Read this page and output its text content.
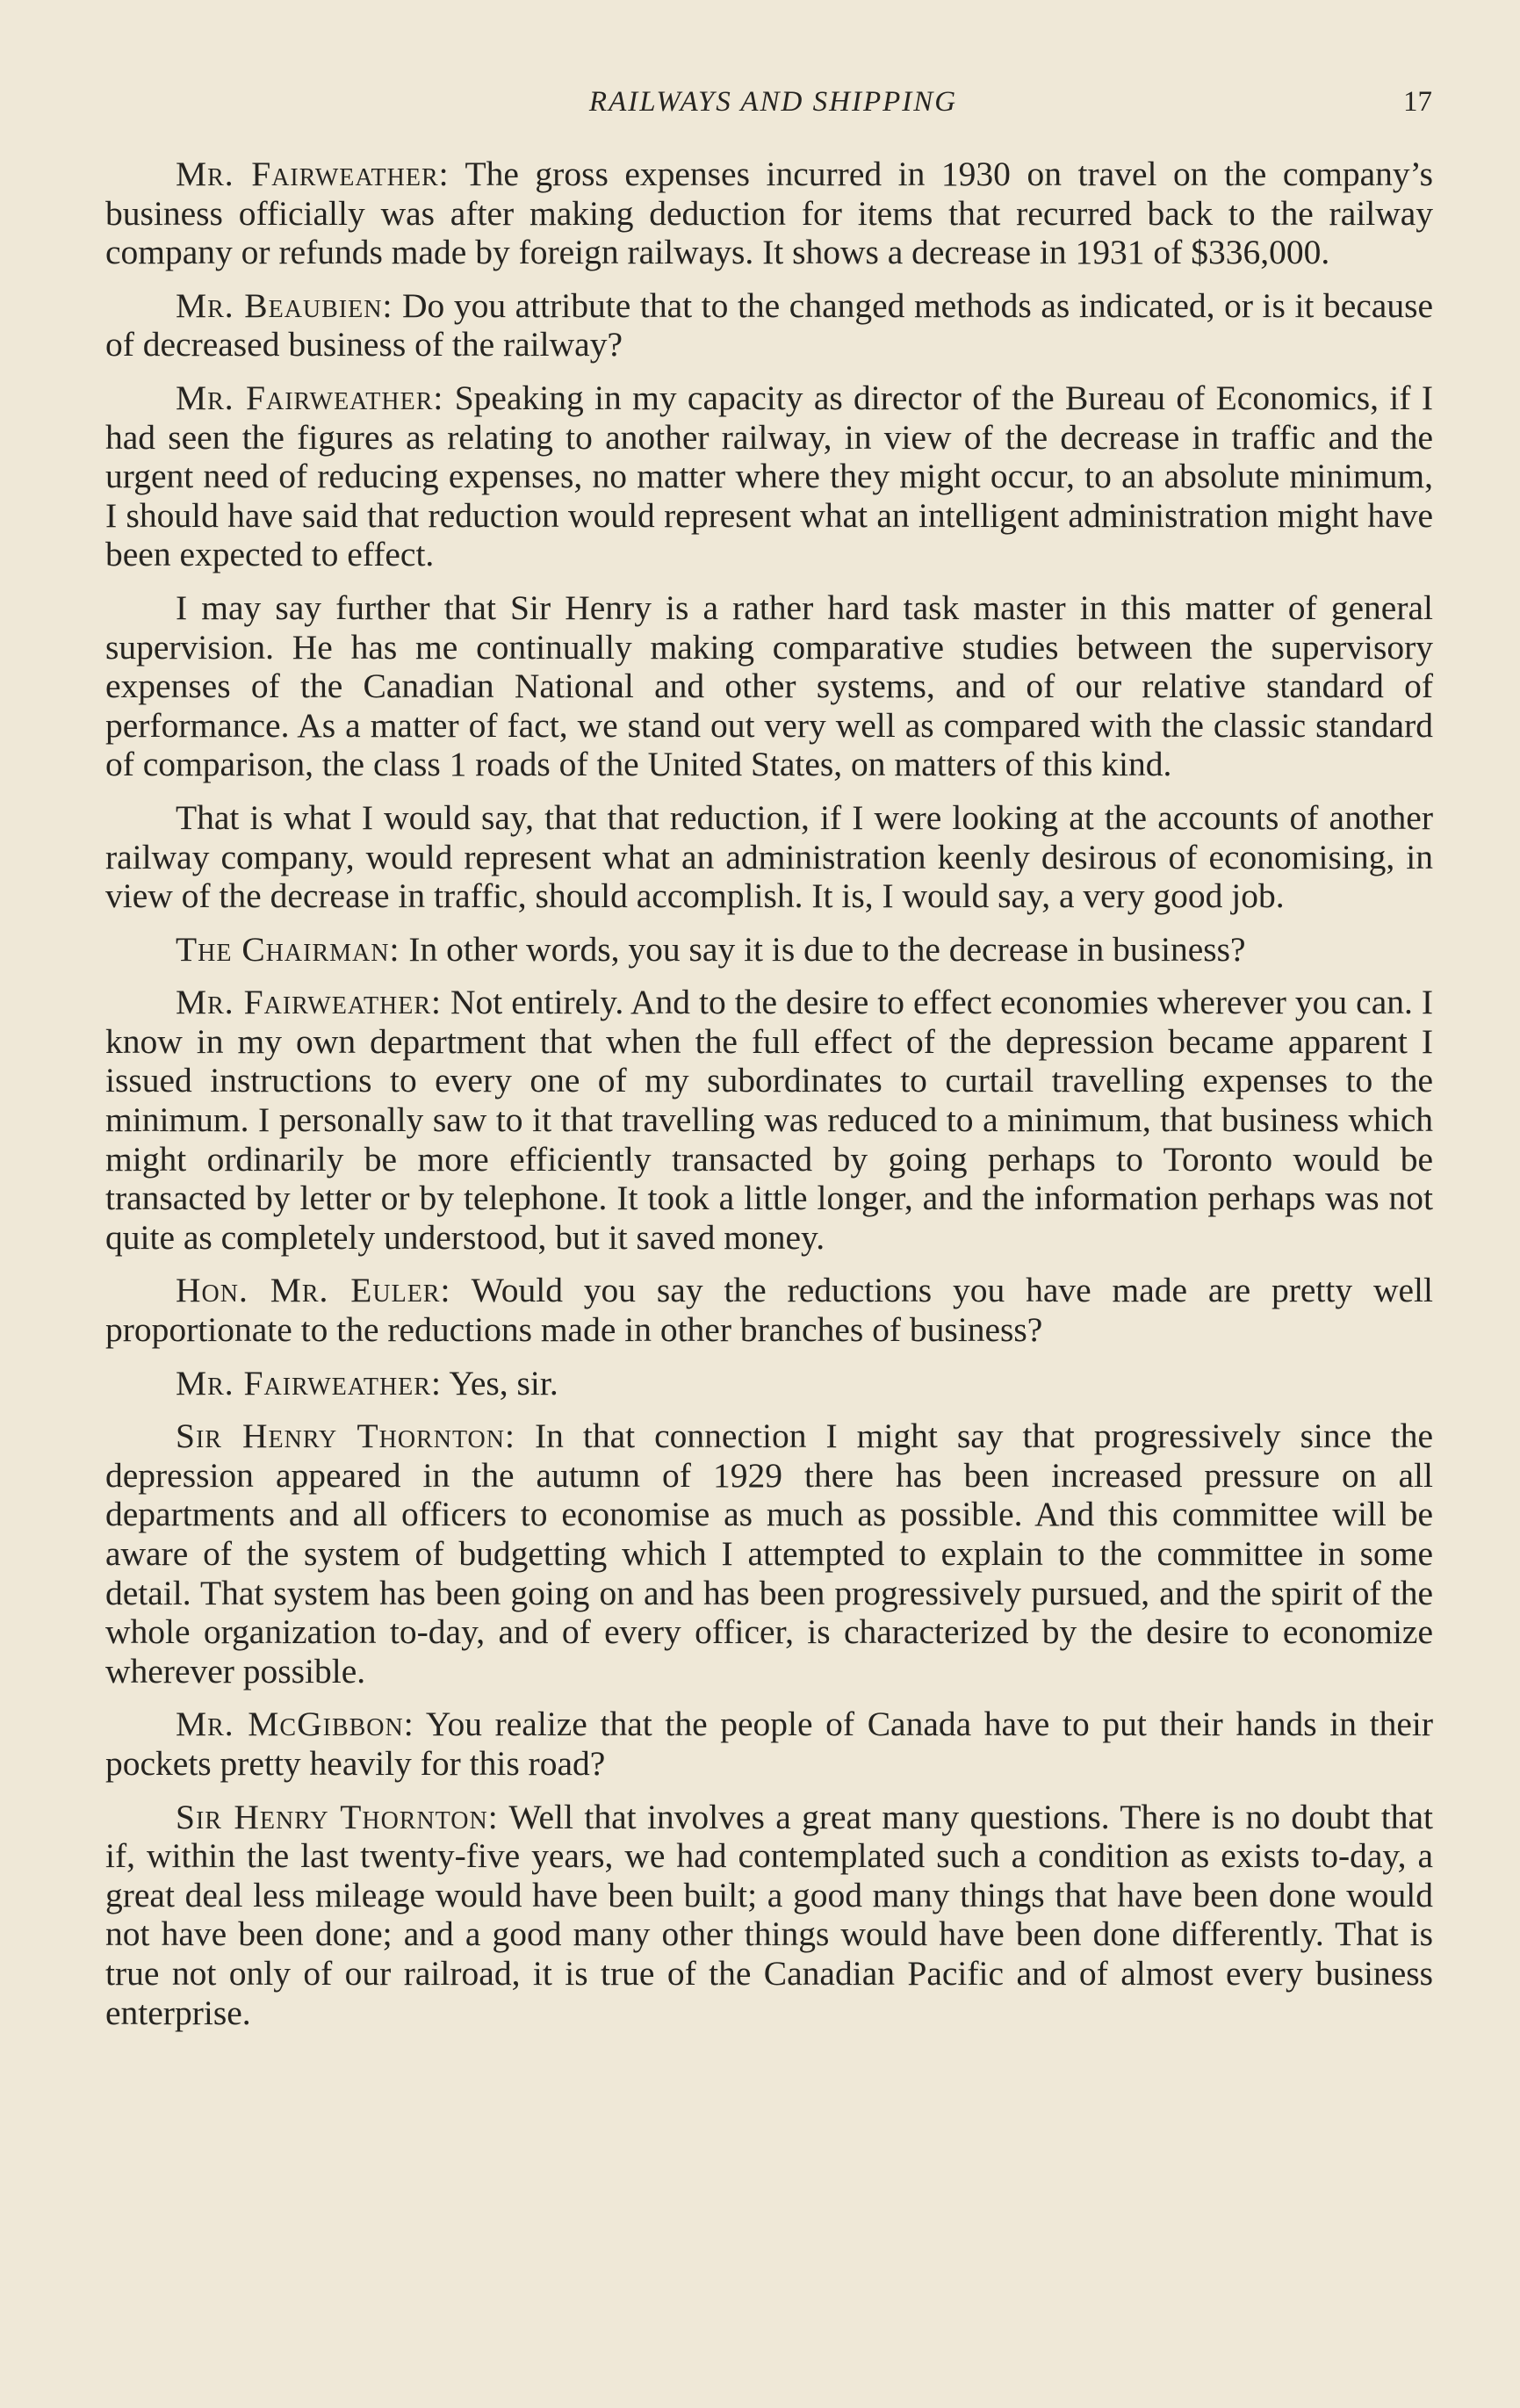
RAILWAYS AND SHIPPING	17

Mr. Fairweather: The gross expenses incurred in 1930 on travel on the company’s business officially was after making deduction for items that recurred back to the railway company or refunds made by foreign railways. It shows a decrease in 1931 of $336,000.

Mr. Beaubien: Do you attribute that to the changed methods as indicated, or is it because of decreased business of the railway?

Mr. Fairweather: Speaking in my capacity as director of the Bureau of Economics, if I had seen the figures as relating to another railway, in view of the decrease in traffic and the urgent need of reducing expenses, no matter where they might occur, to an absolute minimum, I should have said that reduction would represent what an intelligent administration might have been expected to effect.

I may say further that Sir Henry is a rather hard task master in this matter of general supervision. He has me continually making comparative studies between the supervisory expenses of the Canadian National and other systems, and of our relative standard of performance. As a matter of fact, we stand out very well as compared with the classic standard of comparison, the class 1 roads of the United States, on matters of this kind.

That is what I would say, that that reduction, if I were looking at the accounts of another railway company, would represent what an administration keenly desirous of economising, in view of the decrease in traffic, should accomplish. It is, I would say, a very good job.

The Chairman: In other words, you say it is due to the decrease in business?

Mr. Fairweather: Not entirely. And to the desire to effect economies wherever you can. I know in my own department that when the full effect of the depression became apparent I issued instructions to every one of my subordinates to curtail travelling expenses to the minimum. I personally saw to it that travelling was reduced to a minimum, that business which might ordinarily be more efficiently transacted by going perhaps to Toronto would be transacted by letter or by telephone. It took a little longer, and the information perhaps was not quite as completely understood, but it saved money.

Hon. Mr. Euler: Would you say the reductions you have made are pretty well proportionate to the reductions made in other branches of business?

Mr. Fairweather: Yes, sir.

Sir Henry Thornton: In that connection I might say that progressively since the depression appeared in the autumn of 1929 there has been increased pressure on all departments and all officers to economise as much as possible. And this committee will be aware of the system of budgetting which I attempted to explain to the committee in some detail. That system has been going on and has been progressively pursued, and the spirit of the whole organization to-day, and of every officer, is characterized by the desire to economize wherever possible.

Mr. McGibbon: You realize that the people of Canada have to put their hands in their pockets pretty heavily for this road?

Sir Henry Thornton: Well that involves a great many questions. There is no doubt that if, within the last twenty-five years, we had contemplated such a condition as exists to-day, a great deal less mileage would have been built; a good many things that have been done would not have been done; and a good many other things would have been done differently. That is true not only of our railroad, it is true of the Canadian Pacific and of almost every business enterprise.
